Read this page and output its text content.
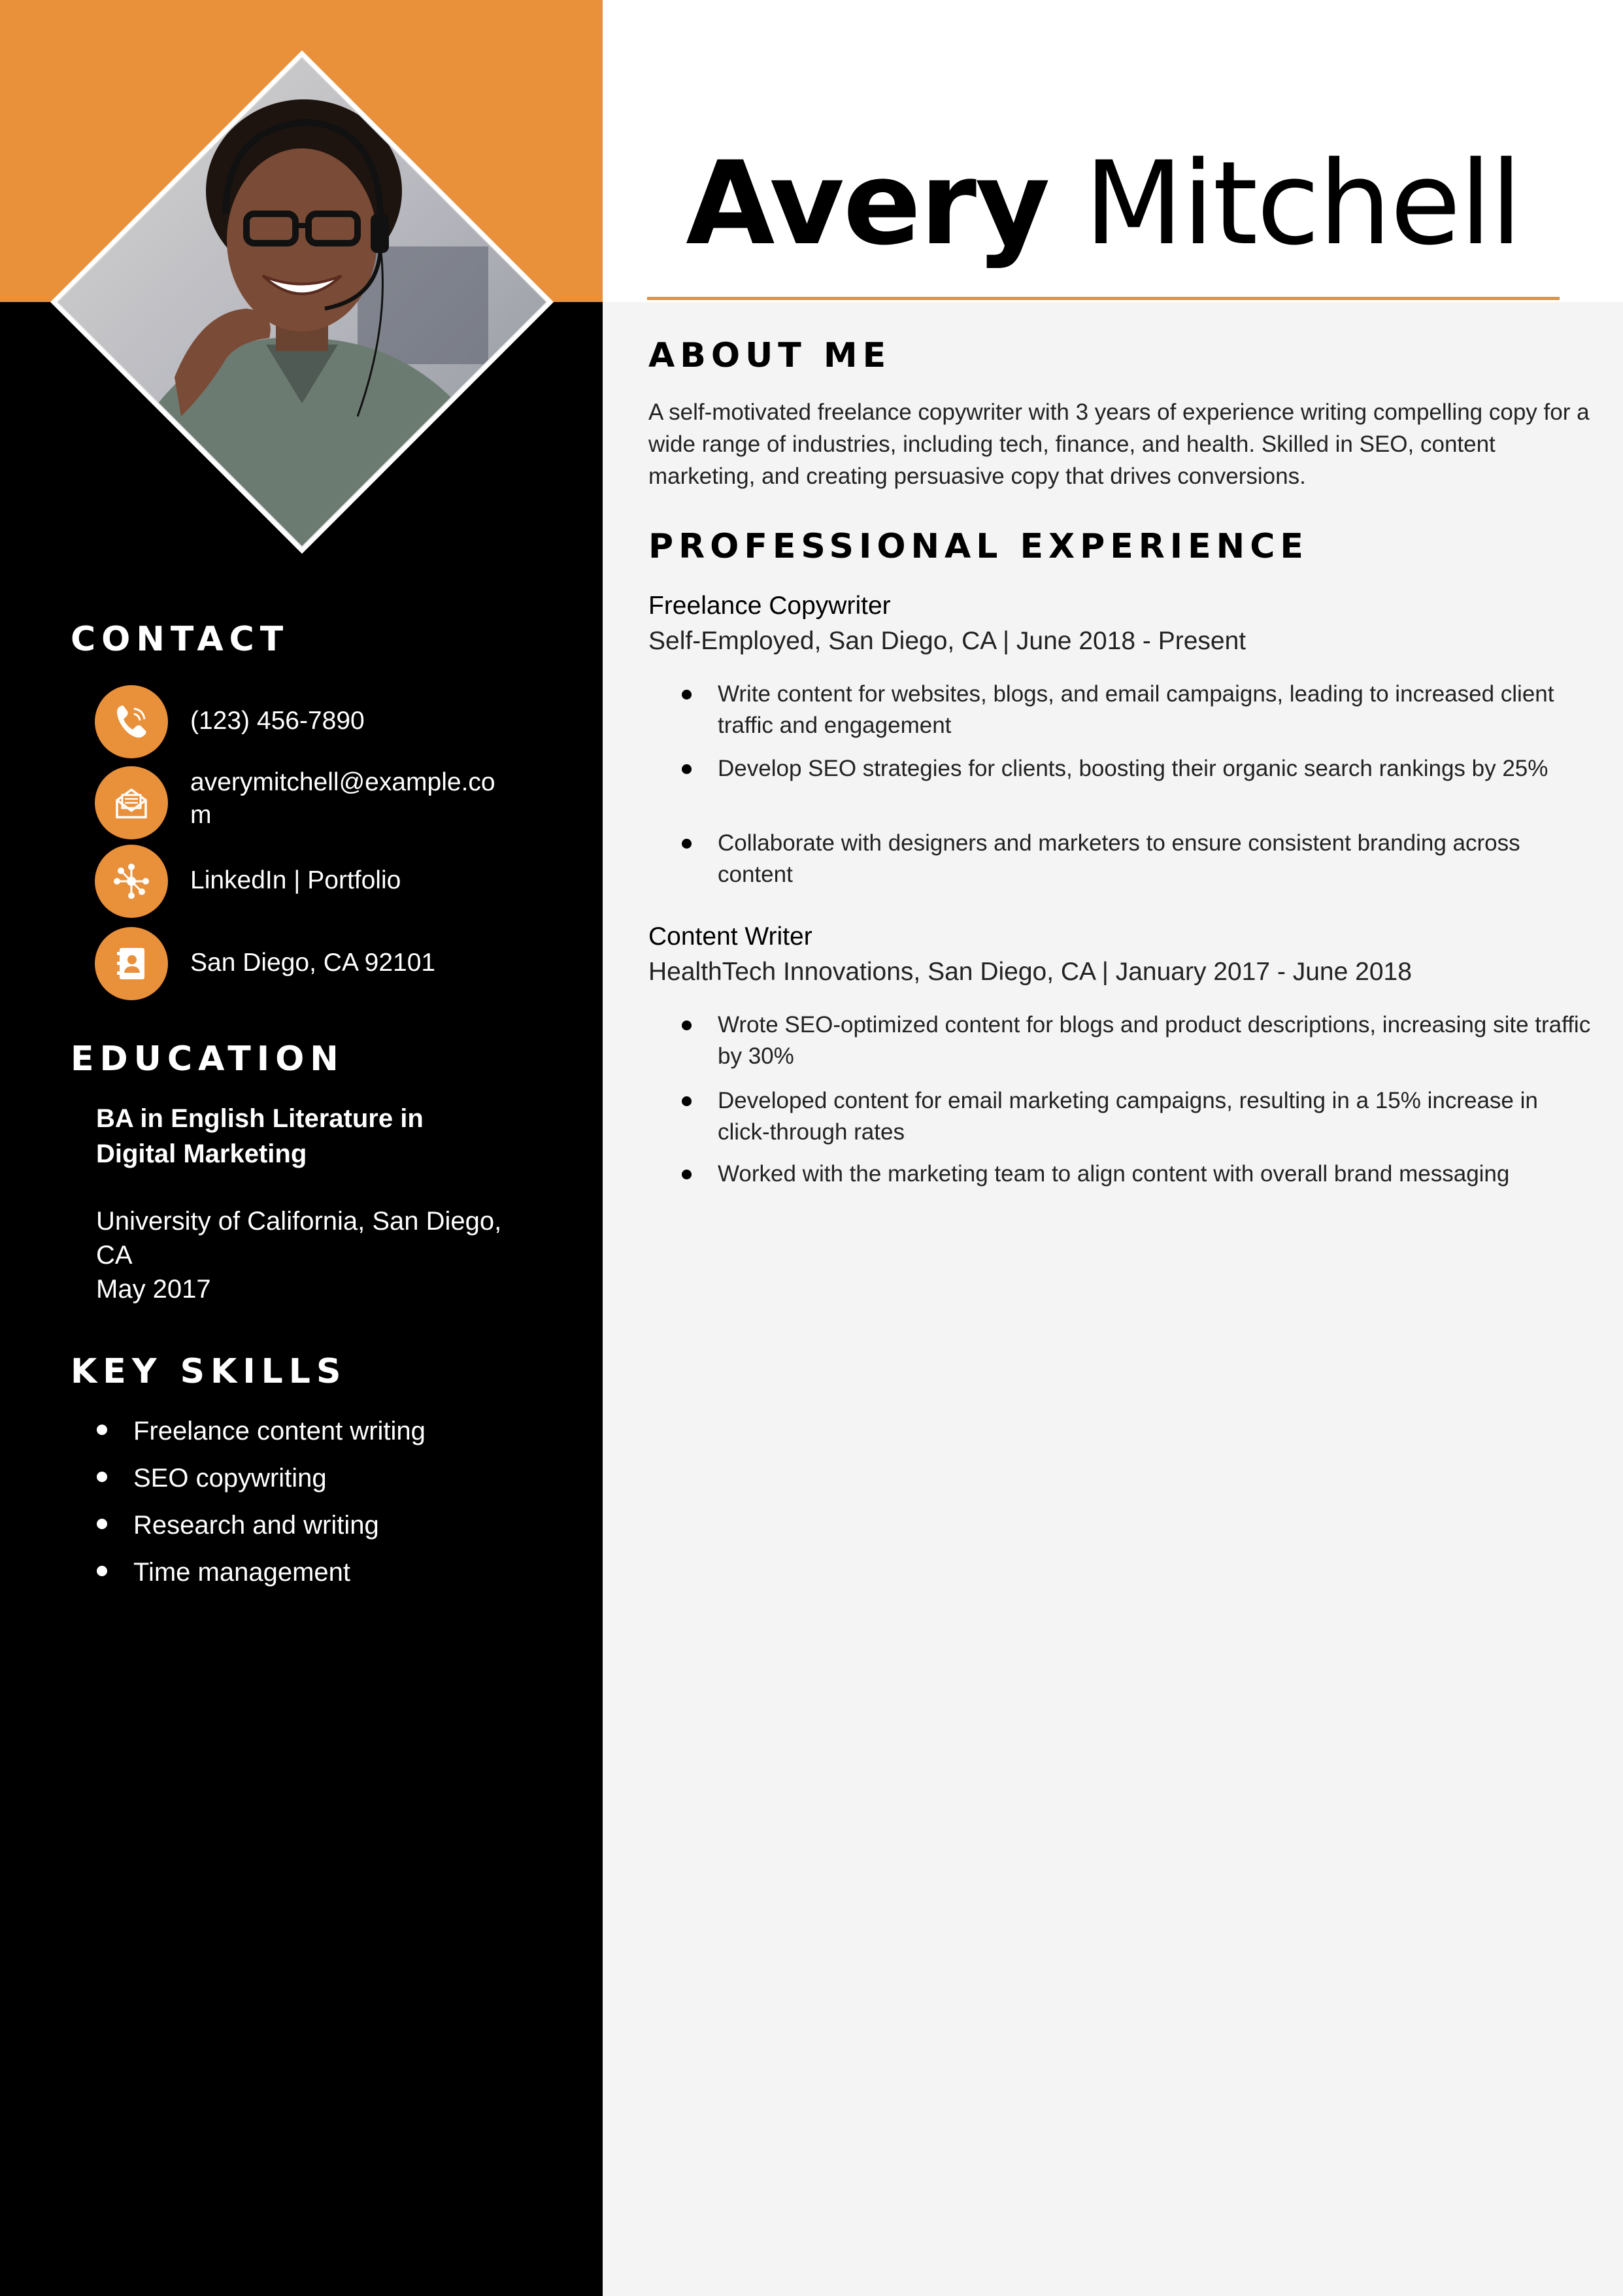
Avery Mitchell
CONTACT
(123) 456-7890
averymitchell@example.co
m
LinkedIn | Portfolio
San Diego, CA 92101
EDUCATION
BA in English Literature in
Digital Marketing
University of California, San Diego,
CA
May 2017
KEY SKILLS
Freelance content writing
SEO copywriting
Research and writing
Time management
ABOUT ME
A self-motivated freelance copywriter with 3 years of experience writing compelling copy for a wide range of industries, including tech, finance, and health. Skilled in SEO, content marketing, and creating persuasive copy that drives conversions.
PROFESSIONAL EXPERIENCE
Freelance Copywriter
Self-Employed, San Diego, CA | June 2018 - Present
Write content for websites, blogs, and email campaigns, leading to increased client traffic and engagement
Develop SEO strategies for clients, boosting their organic search rankings by 25%
Collaborate with designers and marketers to ensure consistent branding across content
Content Writer
HealthTech Innovations, San Diego, CA | January 2017 - June 2018
Wrote SEO-optimized content for blogs and product descriptions, increasing site traffic by 30%
Developed content for email marketing campaigns, resulting in a 15% increase in click-through rates
Worked with the marketing team to align content with overall brand messaging
